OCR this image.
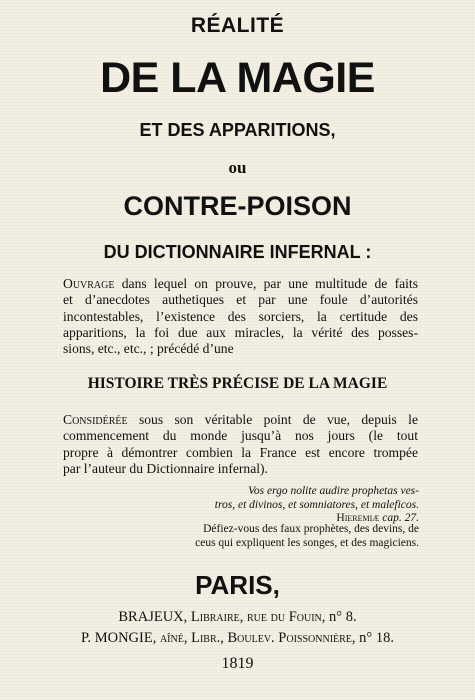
RÉALITÉ
DE LA MAGIE
ET DES APPARITIONS,
ou
CONTRE-POISON
DU DICTIONNAIRE INFERNAL :
Ouvrage dans lequel on prouve, par une multitude de faits
et d’anecdotes authetiques et par une foule d’autorités
incontestables, l’existence des sorciers, la certitude des
apparitions, la foi due aux miracles, la vérité des posses-
sions, etc., etc., ; précédé d’une
HISTOIRE TRÈS PRÉCISE DE LA MAGIE
Considérée sous son véritable point de vue, depuis le
commencement du monde jusqu’à nos jours (le tout
propre à démontrer combien la France est encore trompée
par l’auteur du Dictionnaire infernal).
Vos ergo nolite audire prophetas ves-
tros, et divinos, et somniatores, et maleficos.
Hieremiæ cap. 27.
Défiez-vous des faux prophètes, des devins, de
ceus qui expliquent les songes, et des magiciens.
PARIS,
BRAJEUX, Libraire, rue du Fouin, n° 8.
P. MONGIE, aîné, Libr., Boulev. Poissonnière, n° 18.
1819
